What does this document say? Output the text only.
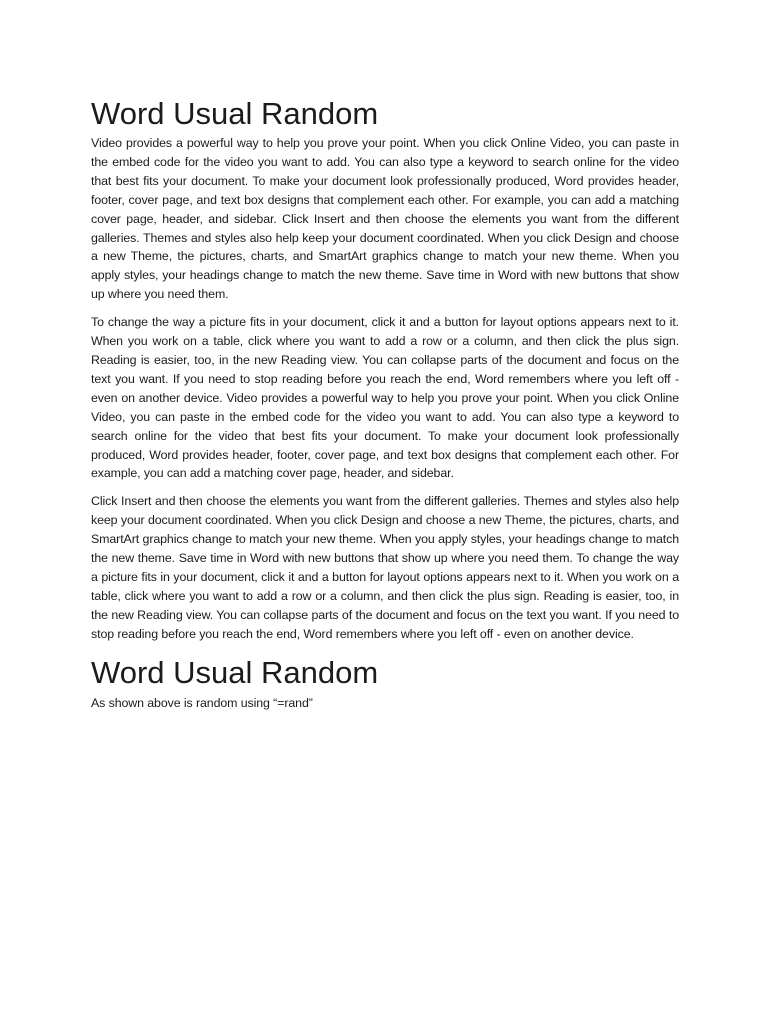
Word Usual Random

Video provides a powerful way to help you prove your point. When you click Online Video, you can paste in the embed code for the video you want to add. You can also type a keyword to search online for the video that best fits your document. To make your document look professionally produced, Word provides header, footer, cover page, and text box designs that complement each other. For example, you can add a matching cover page, header, and sidebar. Click Insert and then choose the elements you want from the different galleries. Themes and styles also help keep your document coordinated. When you click Design and choose a new Theme, the pictures, charts, and SmartArt graphics change to match your new theme. When you apply styles, your headings change to match the new theme. Save time in Word with new buttons that show up where you need them.

To change the way a picture fits in your document, click it and a button for layout options appears next to it. When you work on a table, click where you want to add a row or a column, and then click the plus sign. Reading is easier, too, in the new Reading view. You can collapse parts of the document and focus on the text you want. If you need to stop reading before you reach the end, Word remembers where you left off - even on another device. Video provides a powerful way to help you prove your point. When you click Online Video, you can paste in the embed code for the video you want to add. You can also type a keyword to search online for the video that best fits your document. To make your document look professionally produced, Word provides header, footer, cover page, and text box designs that complement each other. For example, you can add a matching cover page, header, and sidebar.

Click Insert and then choose the elements you want from the different galleries. Themes and styles also help keep your document coordinated. When you click Design and choose a new Theme, the pictures, charts, and SmartArt graphics change to match your new theme. When you apply styles, your headings change to match the new theme. Save time in Word with new buttons that show up where you need them. To change the way a picture fits in your document, click it and a button for layout options appears next to it. When you work on a table, click where you want to add a row or a column, and then click the plus sign. Reading is easier, too, in the new Reading view. You can collapse parts of the document and focus on the text you want. If you need to stop reading before you reach the end, Word remembers where you left off - even on another device.

Word Usual Random

As shown above is random using “=rand”
